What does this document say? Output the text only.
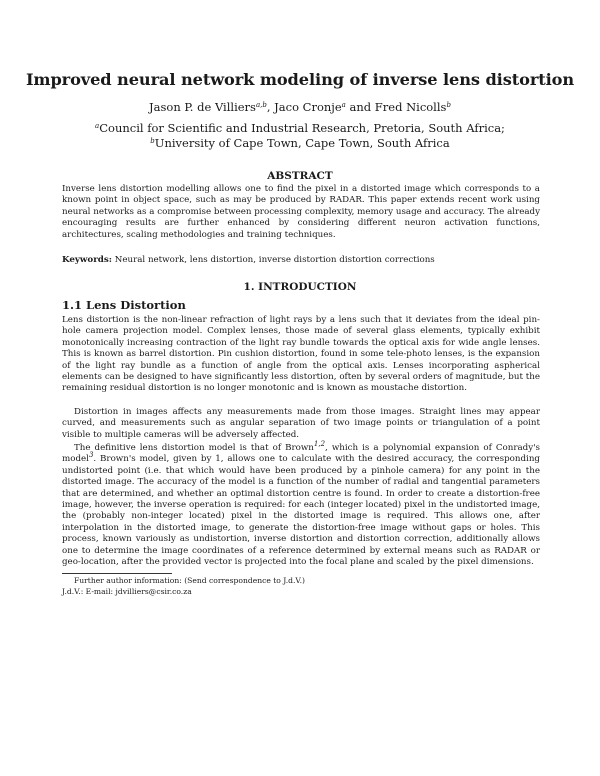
Improved neural network modeling of inverse lens distortion
Jason P. de Villiers$^{a,b}$, Jaco Cronje$^a$ and Fred Nicolls$^b$
$^a$Council for Scientific and Industrial Research, Pretoria, South Africa;
$^b$University of Cape Town, Cape Town, South Africa
ABSTRACT

Inverse lens distortion modelling allows one to find the pixel in a distorted image which corresponds to a known point in object space, such as may be produced by RADAR. This paper extends recent work using neural networks as a compromise between processing complexity, memory usage and accuracy. The already encouraging results are further enhanced by considering different neuron activation functions, architectures, scaling methodologies and training techniques.

Keywords: Neural network, lens distortion, inverse distortion distortion corrections

1. INTRODUCTION
1.1 Lens Distortion

Lens distortion is the non-linear refraction of light rays by a lens such that it deviates from the ideal pin-hole camera projection model. Complex lenses, those made of several glass elements, typically exhibit monotonically increasing contraction of the light ray bundle towards the optical axis for wide angle lenses. This is known as barrel distortion. Pin cushion distortion, found in some tele-photo lenses, is the expansion of the light ray bundle as a function of angle from the optical axis. Lenses incorporating aspherical elements can be designed to have significantly less distortion, often by several orders of magnitude, but the remaining residual distortion is no longer monotonic and is known as moustache distortion.

Distortion in images affects any measurements made from those images. Straight lines may appear curved, and measurements such as angular separation of two image points or triangulation of a point visible to multiple cameras will be adversely affected.

The definitive lens distortion model is that of Brown$^{1,2}$, which is a polynomial expansion of Conrady's model$^3$. Brown's model, given by 1, allows one to calculate with the desired accuracy, the corresponding undistorted point (i.e. that which would have been produced by a pinhole camera) for any point in the distorted image. The accuracy of the model is a function of the number of radial and tangential parameters that are determined, and whether an optimal distortion centre is found. In order to create a distortion-free image, however, the inverse operation is required: for each (integer located) pixel in the undistorted image, the (probably non-integer located) pixel in the distorted image is required. This allows one, after interpolation in the distorted image, to generate the distortion-free image without gaps or holes. This process, known variously as undistortion, inverse distortion and distortion correction, additionally allows one to determine the image coordinates of a reference determined by external means such as RADAR or geo-location, after the provided vector is projected into the focal plane and scaled by the pixel dimensions.

Further author information: (Send correspondence to J.d.V.)
J.d.V.: E-mail: jdvilliers@csir.co.za
